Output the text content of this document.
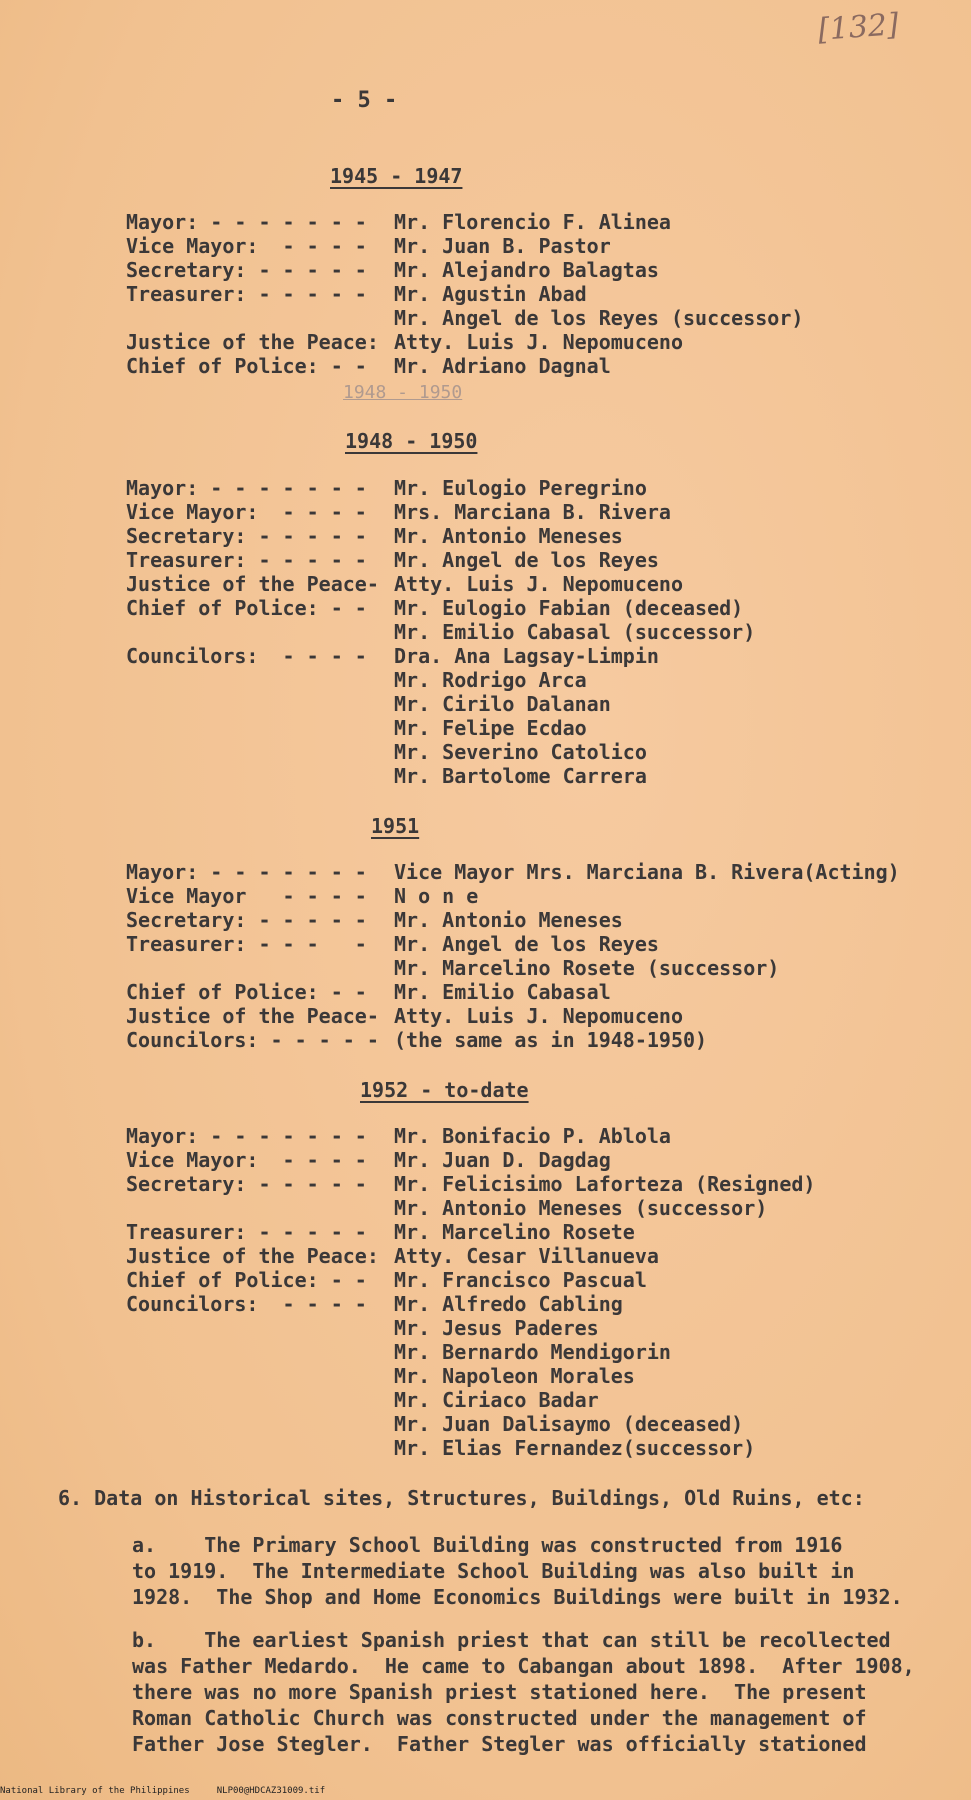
[132]
- 5 -
1945 - 1947
Mayor: - - - - - - - Mr. Florencio F. Alinea
Vice Mayor:  - - - - Mr. Juan B. Pastor
Secretary: - - - - - Mr. Alejandro Balagtas
Treasurer: - - - - - Mr. Agustin Abad
Mr. Angel de los Reyes (successor)
Justice of the Peace: Atty. Luis J. Nepomuceno
Chief of Police: - - Mr. Adriano Dagnal
1948 - 1950
1948 - 1950
Mayor: - - - - - - - Mr. Eulogio Peregrino
Vice Mayor:  - - - - Mrs. Marciana B. Rivera
Secretary: - - - - - Mr. Antonio Meneses
Treasurer: - - - - - Mr. Angel de los Reyes
Justice of the Peace- Atty. Luis J. Nepomuceno
Chief of Police: - - Mr. Eulogio Fabian (deceased)
Mr. Emilio Cabasal (successor)
Councilors:  - - - - Dra. Ana Lagsay-Limpin
Mr. Rodrigo Arca
Mr. Cirilo Dalanan
Mr. Felipe Ecdao
Mr. Severino Catolico
Mr. Bartolome Carrera
1951
Mayor: - - - - - - - Vice Mayor Mrs. Marciana B. Rivera(Acting)
Vice Mayor   - - - - N o n e
Secretary: - - - - - Mr. Antonio Meneses
Treasurer: - - -   - Mr. Angel de los Reyes
Mr. Marcelino Rosete (successor)
Chief of Police: - - Mr. Emilio Cabasal
Justice of the Peace- Atty. Luis J. Nepomuceno
Councilors: - - - - - (the same as in 1948-1950)
1952 - to-date
Mayor: - - - - - - - Mr. Bonifacio P. Ablola
Vice Mayor:  - - - - Mr. Juan D. Dagdag
Secretary: - - - - - Mr. Felicisimo Laforteza (Resigned)
Mr. Antonio Meneses (successor)
Treasurer: - - - - - Mr. Marcelino Rosete
Justice of the Peace: Atty. Cesar Villanueva
Chief of Police: - - Mr. Francisco Pascual
Councilors:  - - - - Mr. Alfredo Cabling
Mr. Jesus Paderes
Mr. Bernardo Mendigorin
Mr. Napoleon Morales
Mr. Ciriaco Badar
Mr. Juan Dalisaymo (deceased)
Mr. Elias Fernandez(successor)
6. Data on Historical sites, Structures, Buildings, Old Ruins, etc:
a.    The Primary School Building was constructed from 1916
to 1919.  The Intermediate School Building was also built in
1928.  The Shop and Home Economics Buildings were built in 1932.
b.    The earliest Spanish priest that can still be recollected
was Father Medardo.  He came to Cabangan about 1898.  After 1908,
there was no more Spanish priest stationed here.  The present
Roman Catholic Church was constructed under the management of
Father Jose Stegler.  Father Stegler was officially stationed
National Library of the Philippines     NLP00@HDCAZ31009.tif
